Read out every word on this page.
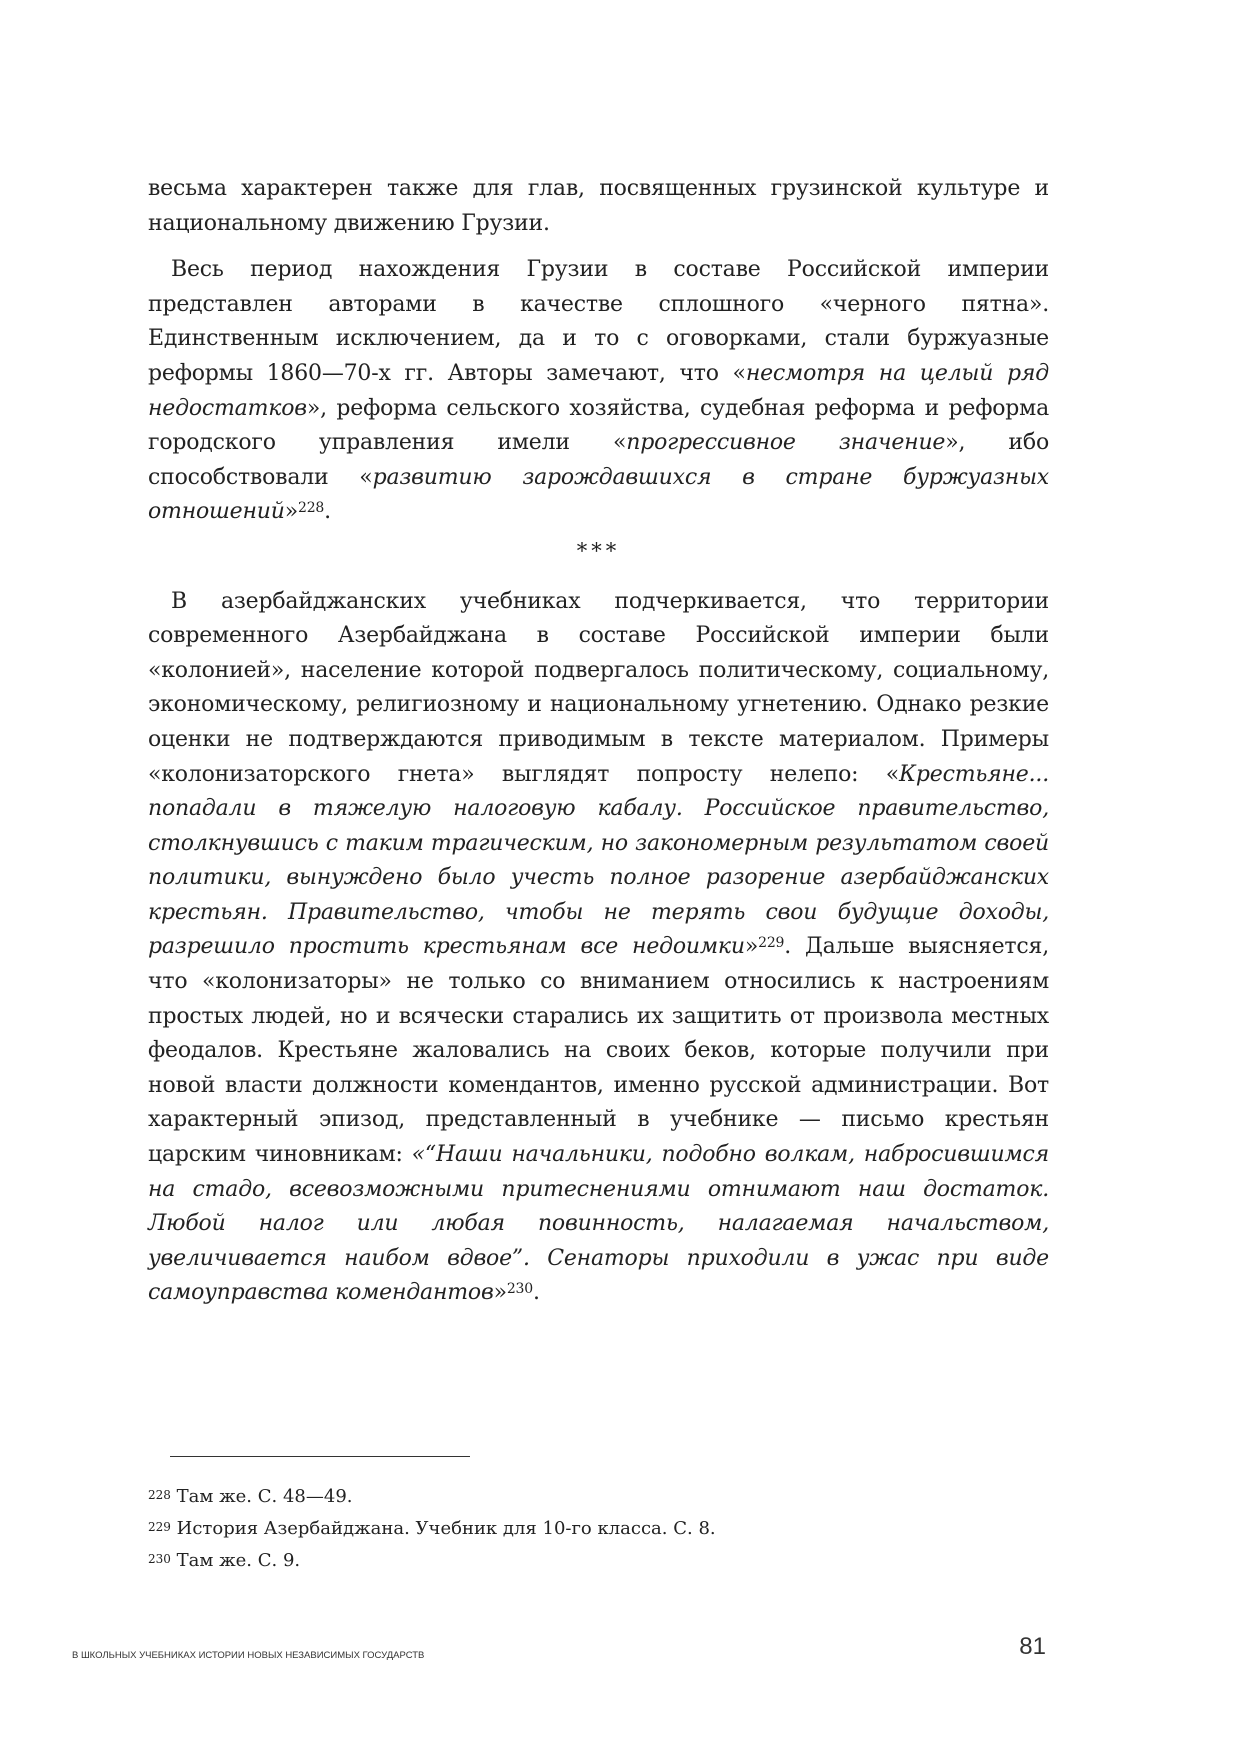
весьма характерен также для глав, посвященных грузинской культуре и национальному движению Грузии.

Весь период нахождения Грузии в составе Российской империи представлен авторами в качестве сплошного «черного пятна». Единственным исключением, да и то с оговорками, стали буржуазные реформы 1860—70-х гг. Авторы замечают, что «несмотря на целый ряд недостатков», реформа сельского хозяйства, судебная реформа и реформа городского управления имели «прогрессивное значение», ибо способствовали «развитию зарождавшихся в стране буржуазных отношений»$^{228}$.

***

В азербайджанских учебниках подчеркивается, что территории современного Азербайджана в составе Российской империи были «колонией», население которой подвергалось политическому, социальному, экономическому, религиозному и национальному угнетению. Однако резкие оценки не подтверждаются приводимым в тексте материалом. Примеры «колонизаторского гнета» выглядят попросту нелепо: «Крестьяне... попадали в тяжелую налоговую кабалу. Российское правительство, столкнувшись с таким трагическим, но закономерным результатом своей политики, вынуждено было учесть полное разорение азербайджанских крестьян. Правительство, чтобы не терять свои будущие доходы, разрешило простить крестьянам все недоимки»$^{229}$. Дальше выясняется, что «колонизаторы» не только со вниманием относились к настроениям простых людей, но и всячески старались их защитить от произвола местных феодалов. Крестьяне жаловались на своих беков, которые получили при новой власти должности комендантов, именно русской администрации. Вот характерный эпизод, представленный в учебнике — письмо крестьян царским чиновникам: «“Наши начальники, подобно волкам, набросившимся на стадо, всевозможными притеснениями отнимают наш достаток. Любой налог или любая повинность, налагаемая начальством, увеличивается наибом вдвое”. Сенаторы приходили в ужас при виде самоуправства комендантов»$^{230}$.

$^{228}$ Там же. С. 48—49.
$^{229}$ История Азербайджана. Учебник для 10-го класса. С. 8.
$^{230}$ Там же. С. 9.
В ШКОЛЬНЫХ УЧЕБНИКАХ ИСТОРИИ НОВЫХ НЕЗАВИСИМЫХ ГОСУДАРСТВ	81
